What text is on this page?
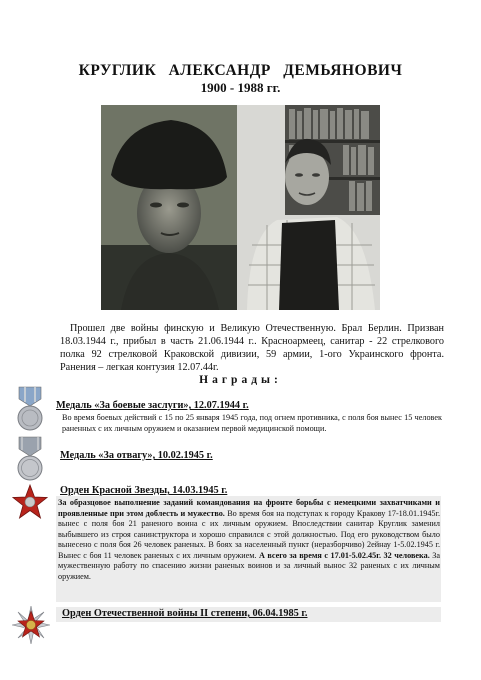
КРУГЛИК АЛЕКСАНДР ДЕМЬЯНОВИЧ
1900 - 1988 гг.
Прошел две войны финскую и Великую Отечественную. Брал Берлин. Призван 18.03.1944 г., прибыл в часть 21.06.1944 г.. Красноармеец, санитар - 22 стрелкового полка 92 стрелковой Краковской дивизии, 59 армии, 1-ого Украинского фронта. Ранения – легкая контузия 12.07.44г.
Награды:
Медаль «За боевые заслуги», 12.07.1944 г.
Во время боевых действий с 15 по 25 января 1945 года, под огнем противника, с поля боя вынес 15 человек раненных с их личным оружием и оказанием первой медицинской помощи.
Медаль «За отвагу», 10.02.1945 г.
Орден Красной Звезды, 14.03.1945 г.
За образцовое выполнение заданий командования на фронте борьбы с немецкими захватчиками и проявленные при этом доблесть и мужество. Во время боя на подступах к городу Кракову 17-18.01.1945г. вынес с поля боя 21 раненого воина с их личным оружием. Впоследствии санитар Круглик заменил выбывшего из строя санинструктора и хорошо справился с этой должностью. Под его руководством было вынесено с поля боя 26 человек раненых. В боях за населенный пункт (неразборчиво) 2ейнау 1-5.02.1945 г. Вынес с боя 11 человек раненых с их личным оружием. А всего за время с 17.01-5.02.45г. 32 человека. За мужественную работу по спасению жизни раненых воинов и за личный вынос 32 раненых с их личным оружием.
Орден Отечественной войны II степени, 06.04.1985 г.
